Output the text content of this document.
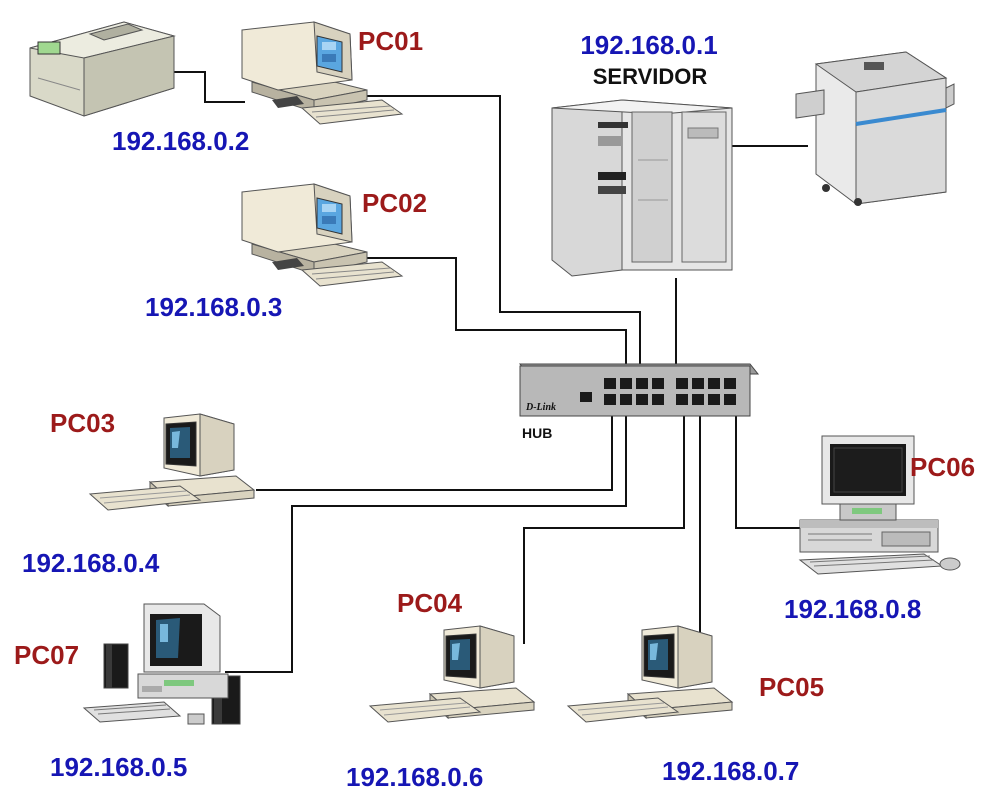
D-Link
192.168.0.1
SERVIDOR
HUB
PC01
192.168.0.2
PC02
192.168.0.3
PC03
192.168.0.4
PC04
192.168.0.6
PC05
192.168.0.7
PC06
192.168.0.8
PC07
192.168.0.5
